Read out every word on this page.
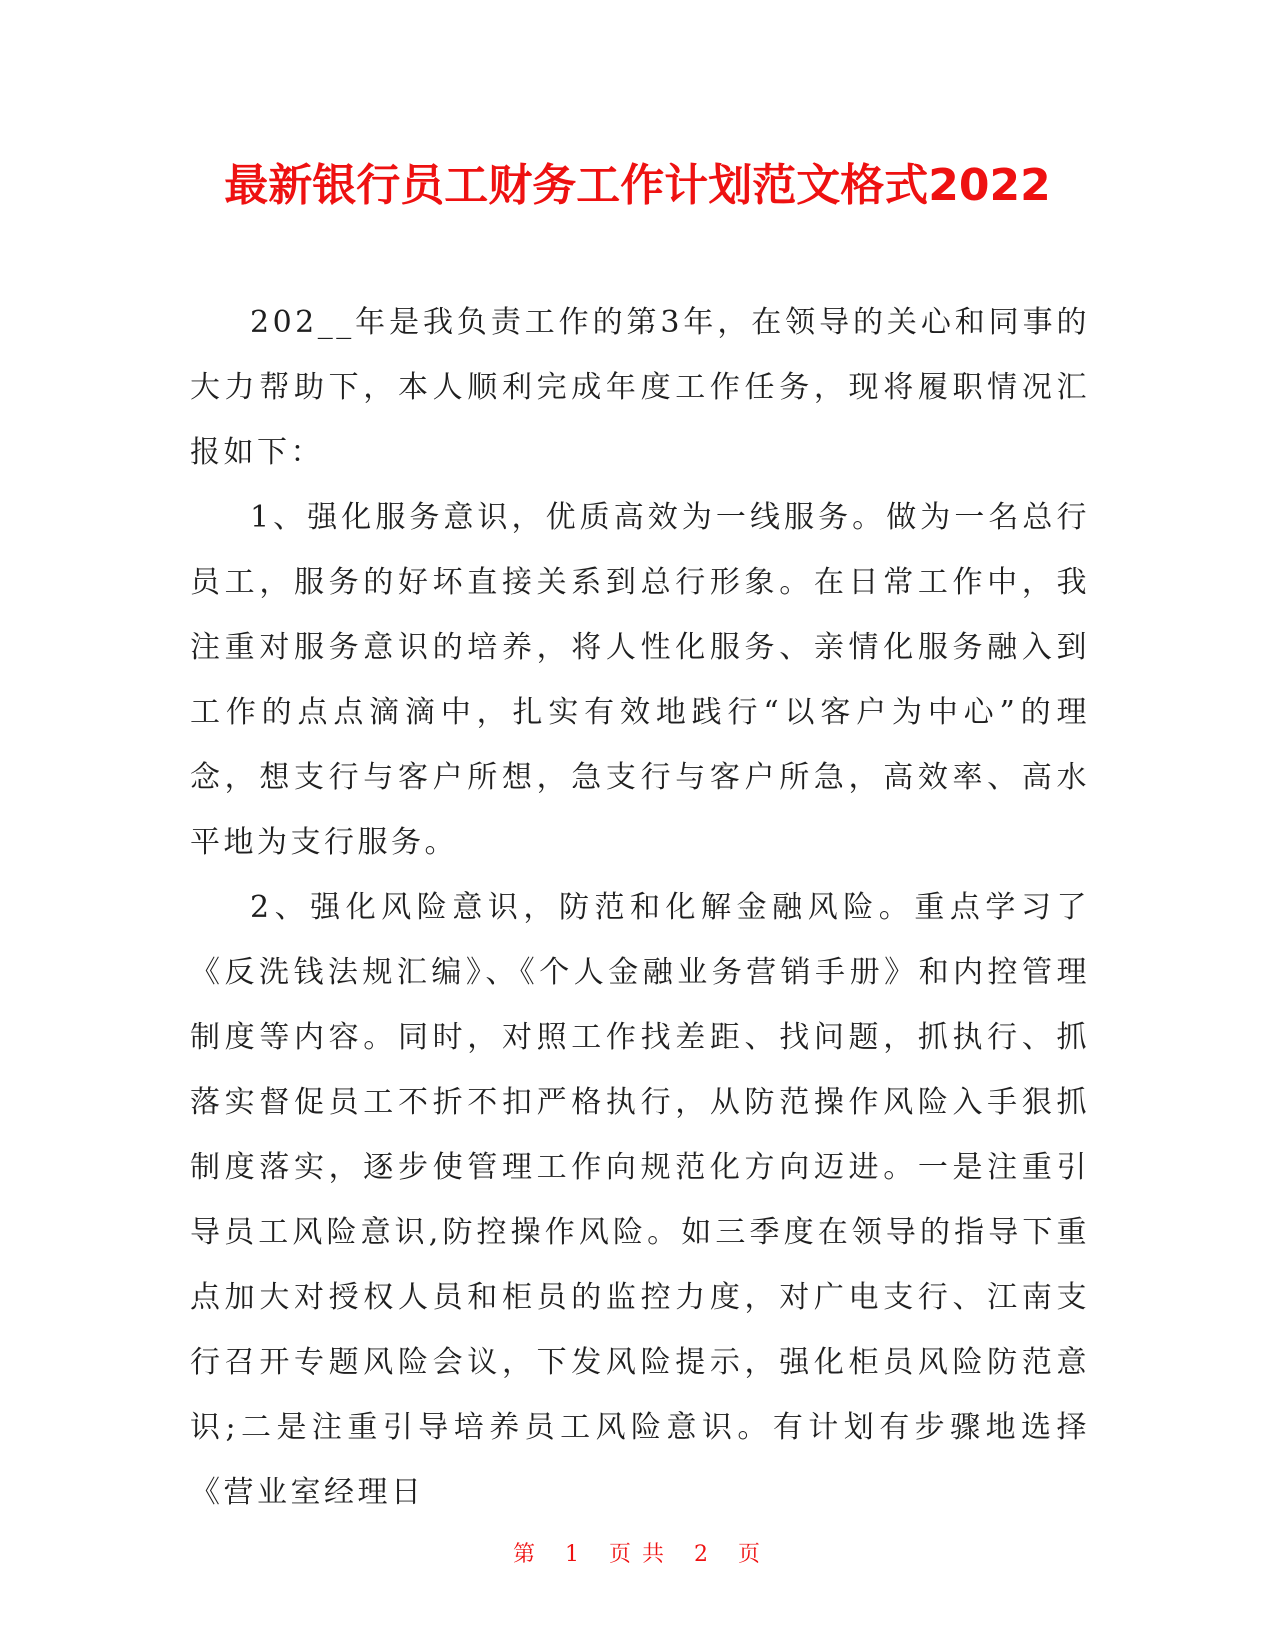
最新银行员工财务工作计划范文格式2022

202__年是我负责工作的第3年，在领导的关心和同事的大力帮助下，本人顺利完成年度工作任务，现将履职情况汇报如下：

1、强化服务意识，优质高效为一线服务。做为一名总行员工，服务的好坏直接关系到总行形象。在日常工作中，我注重对服务意识的培养，将人性化服务、亲情化服务融入到工作的点点滴滴中，扎实有效地践行“以客户为中心”的理念，想支行与客户所想，急支行与客户所急，高效率、高水平地为支行服务。

2、强化风险意识，防范和化解金融风险。重点学习了《反洗钱法规汇编》、《个人金融业务营销手册》和内控管理制度等内容。同时，对照工作找差距、找问题，抓执行、抓落实督促员工不折不扣严格执行，从防范操作风险入手狠抓制度落实，逐步使管理工作向规范化方向迈进。一是注重引导员工风险意识,防控操作风险。如三季度在领导的指导下重点加大对授权人员和柜员的监控力度，对广电支行、江南支行召开专题风险会议，下发风险提示，强化柜员风险防范意识;二是注重引导培养员工风险意识。有计划有步骤地选择《营业室经理日

第 1 页 共 2 页
